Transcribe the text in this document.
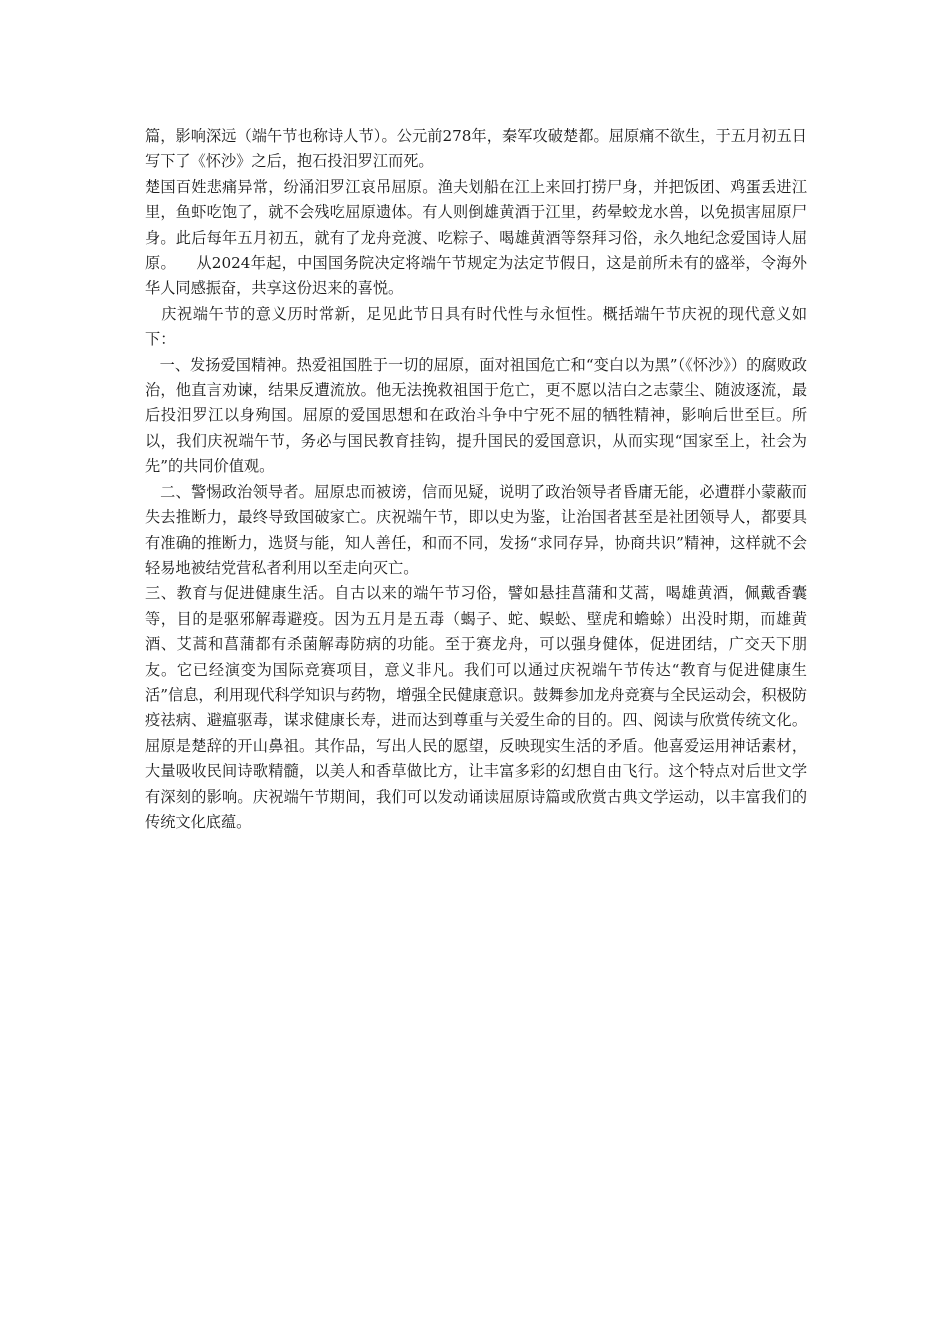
篇，影响深远（端午节也称诗人节）。公元前278年，秦军攻破楚都。屈原痛不欲生，于五月初五日写下了《怀沙》之后，抱石投汨罗江而死。

楚国百姓悲痛异常，纷涌汨罗江哀吊屈原。渔夫划船在江上来回打捞尸身，并把饭团、鸡蛋丢进江里，鱼虾吃饱了，就不会残吃屈原遗体。有人则倒雄黄酒于江里，药晕蛟龙水兽，以免损害屈原尸身。此后每年五月初五，就有了龙舟竞渡、吃粽子、喝雄黄酒等祭拜习俗，永久地纪念爱国诗人屈原。    从2024年起，中国国务院决定将端午节规定为法定节假日，这是前所未有的盛举，令海外华人同感振奋，共享这份迟来的喜悦。

庆祝端午节的意义历时常新，足见此节日具有时代性与永恒性。概括端午节庆祝的现代意义如下：

一、发扬爱国精神。热爱祖国胜于一切的屈原，面对祖国危亡和“变白以为黑”（《怀沙》）的腐败政治，他直言劝谏，结果反遭流放。他无法挽救祖国于危亡，更不愿以洁白之志蒙尘、随波逐流，最后投汨罗江以身殉国。屈原的爱国思想和在政治斗争中宁死不屈的牺牲精神，影响后世至巨。所以，我们庆祝端午节，务必与国民教育挂钩，提升国民的爱国意识，从而实现“国家至上，社会为先”的共同价值观。

二、警惕政治领导者。屈原忠而被谤，信而见疑，说明了政治领导者昏庸无能，必遭群小蒙蔽而失去推断力，最终导致国破家亡。庆祝端午节，即以史为鉴，让治国者甚至是社团领导人，都要具有准确的推断力，选贤与能，知人善任，和而不同，发扬“求同存异，协商共识”精神，这样就不会轻易地被结党营私者利用以至走向灭亡。

三、教育与促进健康生活。自古以来的端午节习俗，譬如悬挂菖蒲和艾蒿，喝雄黄酒，佩戴香囊等，目的是驱邪解毒避疫。因为五月是五毒（蝎子、蛇、蜈蚣、壁虎和蟾蜍）出没时期，而雄黄酒、艾蒿和菖蒲都有杀菌解毒防病的功能。至于赛龙舟，可以强身健体，促进团结，广交天下朋友。它已经演变为国际竞赛项目，意义非凡。我们可以通过庆祝端午节传达“教育与促进健康生活”信息，利用现代科学知识与药物，增强全民健康意识。鼓舞参加龙舟竞赛与全民运动会，积极防疫祛病、避瘟驱毒，谋求健康长寿，进而达到尊重与关爱生命的目的。四、阅读与欣赏传统文化。屈原是楚辞的开山鼻祖。其作品，写出人民的愿望，反映现实生活的矛盾。他喜爱运用神话素材，大量吸收民间诗歌精髓，以美人和香草做比方，让丰富多彩的幻想自由飞行。这个特点对后世文学有深刻的影响。庆祝端午节期间，我们可以发动诵读屈原诗篇或欣赏古典文学运动，以丰富我们的传统文化底蕴。
